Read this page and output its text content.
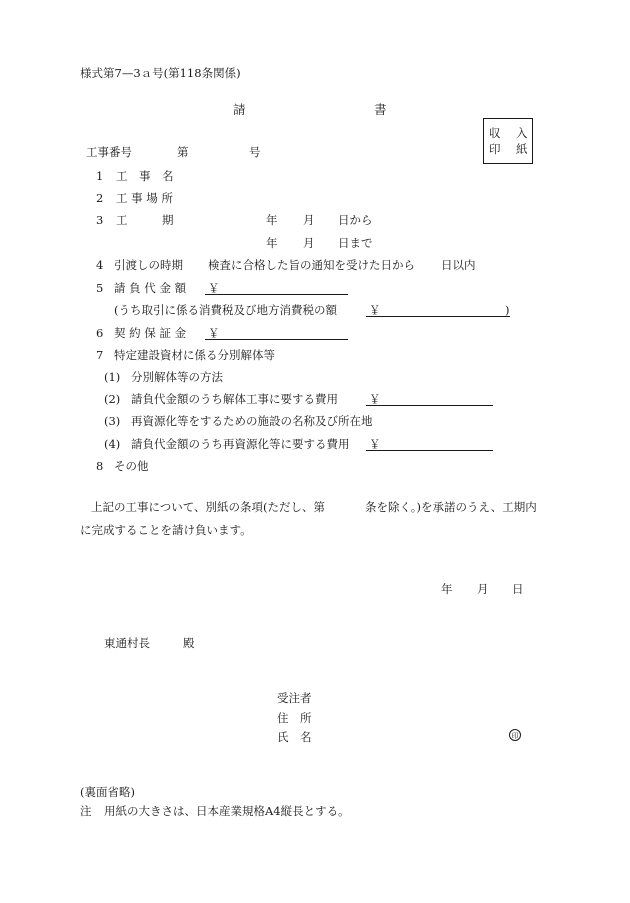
様式第7—3ａ号(第118条関係)
請	書
収 入
印 紙
工事番号	第	号
1 工　事　名
2 工 事 場 所
3 工　　　期	年 月 日から
年 月 日まで
4 引渡しの時期 検査に合格した旨の通知を受けた日から 日以内
5 請 負 代 金 額 ￥
(うち取引に係る消費税及び地方消費税の額	￥	)
6 契 約 保 証 金 ￥
7 特定建設資材に係る分別解体等
(1) 分別解体等の方法
(2) 請負代金額のうち解体工事に要する費用	￥
(3) 再資源化等をするための施設の名称及び所在地
(4) 請負代金額のうち再資源化等に要する費用 ￥
8 その他
上記の工事について、別紙の条項(ただし、第	条を除く。)を承諾のうえ、工期内
に完成することを請け負います。
年 月 日
東通村長	殿
受注者
住　所
氏　名	印
(裏面省略)
注 用紙の大きさは、日本産業規格A4縦長とする。
